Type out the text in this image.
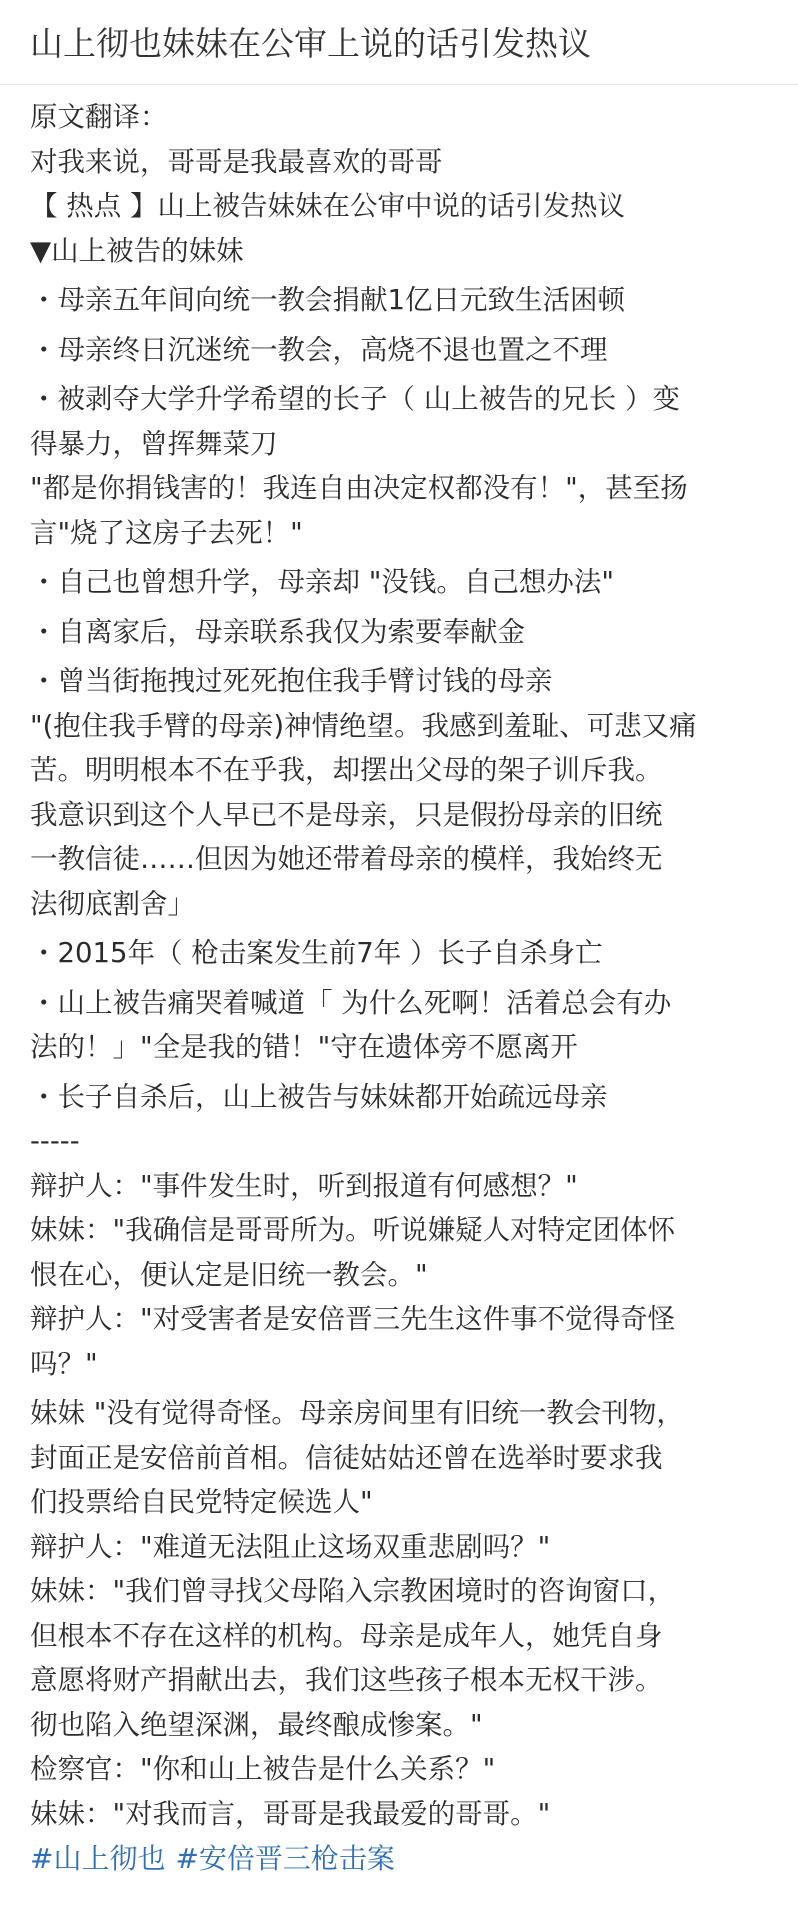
山上彻也妹妹在公审上说的话引发热议
原文翻译：
对我来说，哥哥是我最喜欢的哥哥
【 热点 】山上被告妹妹在公审中说的话引发热议
▼山上被告的妹妹
・母亲五年间向统一教会捐献1亿日元致生活困顿
・母亲终日沉迷统一教会，高烧不退也置之不理
・被剥夺大学升学希望的长子（ 山上被告的兄长 ）变
得暴力，曾挥舞菜刀
"都是你捐钱害的！我连自由决定权都没有！"，甚至扬
言"烧了这房子去死！"
・自己也曾想升学，母亲却 "没钱。自己想办法"
・自离家后，母亲联系我仅为索要奉献金
・曾当街拖拽过死死抱住我手臂讨钱的母亲
"(抱住我手臂的母亲)神情绝望。我感到羞耻、可悲又痛
苦。明明根本不在乎我，却摆出父母的架子训斥我。
我意识到这个人早已不是母亲，只是假扮母亲的旧统
一教信徒……但因为她还带着母亲的模样，我始终无
法彻底割舍」
・2015年（ 枪击案发生前7年 ）长子自杀身亡
・山上被告痛哭着喊道「 为什么死啊！活着总会有办
法的！」"全是我的错！"守在遗体旁不愿离开
・长子自杀后，山上被告与妹妹都开始疏远母亲
-----
辩护人："事件发生时，听到报道有何感想？"
妹妹："我确信是哥哥所为。听说嫌疑人对特定团体怀
恨在心，便认定是旧统一教会。"
辩护人："对受害者是安倍晋三先生这件事不觉得奇怪
吗？"
妹妹 "没有觉得奇怪。母亲房间里有旧统一教会刊物，
封面正是安倍前首相。信徒姑姑还曾在选举时要求我
们投票给自民党特定候选人"
辩护人："难道无法阻止这场双重悲剧吗？"
妹妹："我们曾寻找父母陷入宗教困境时的咨询窗口，
但根本不存在这样的机构。母亲是成年人，她凭自身
意愿将财产捐献出去，我们这些孩子根本无权干涉。
彻也陷入绝望深渊，最终酿成惨案。"
检察官："你和山上被告是什么关系？"
妹妹："对我而言，哥哥是我最爱的哥哥。"
#山上彻也 #安倍晋三枪击案
